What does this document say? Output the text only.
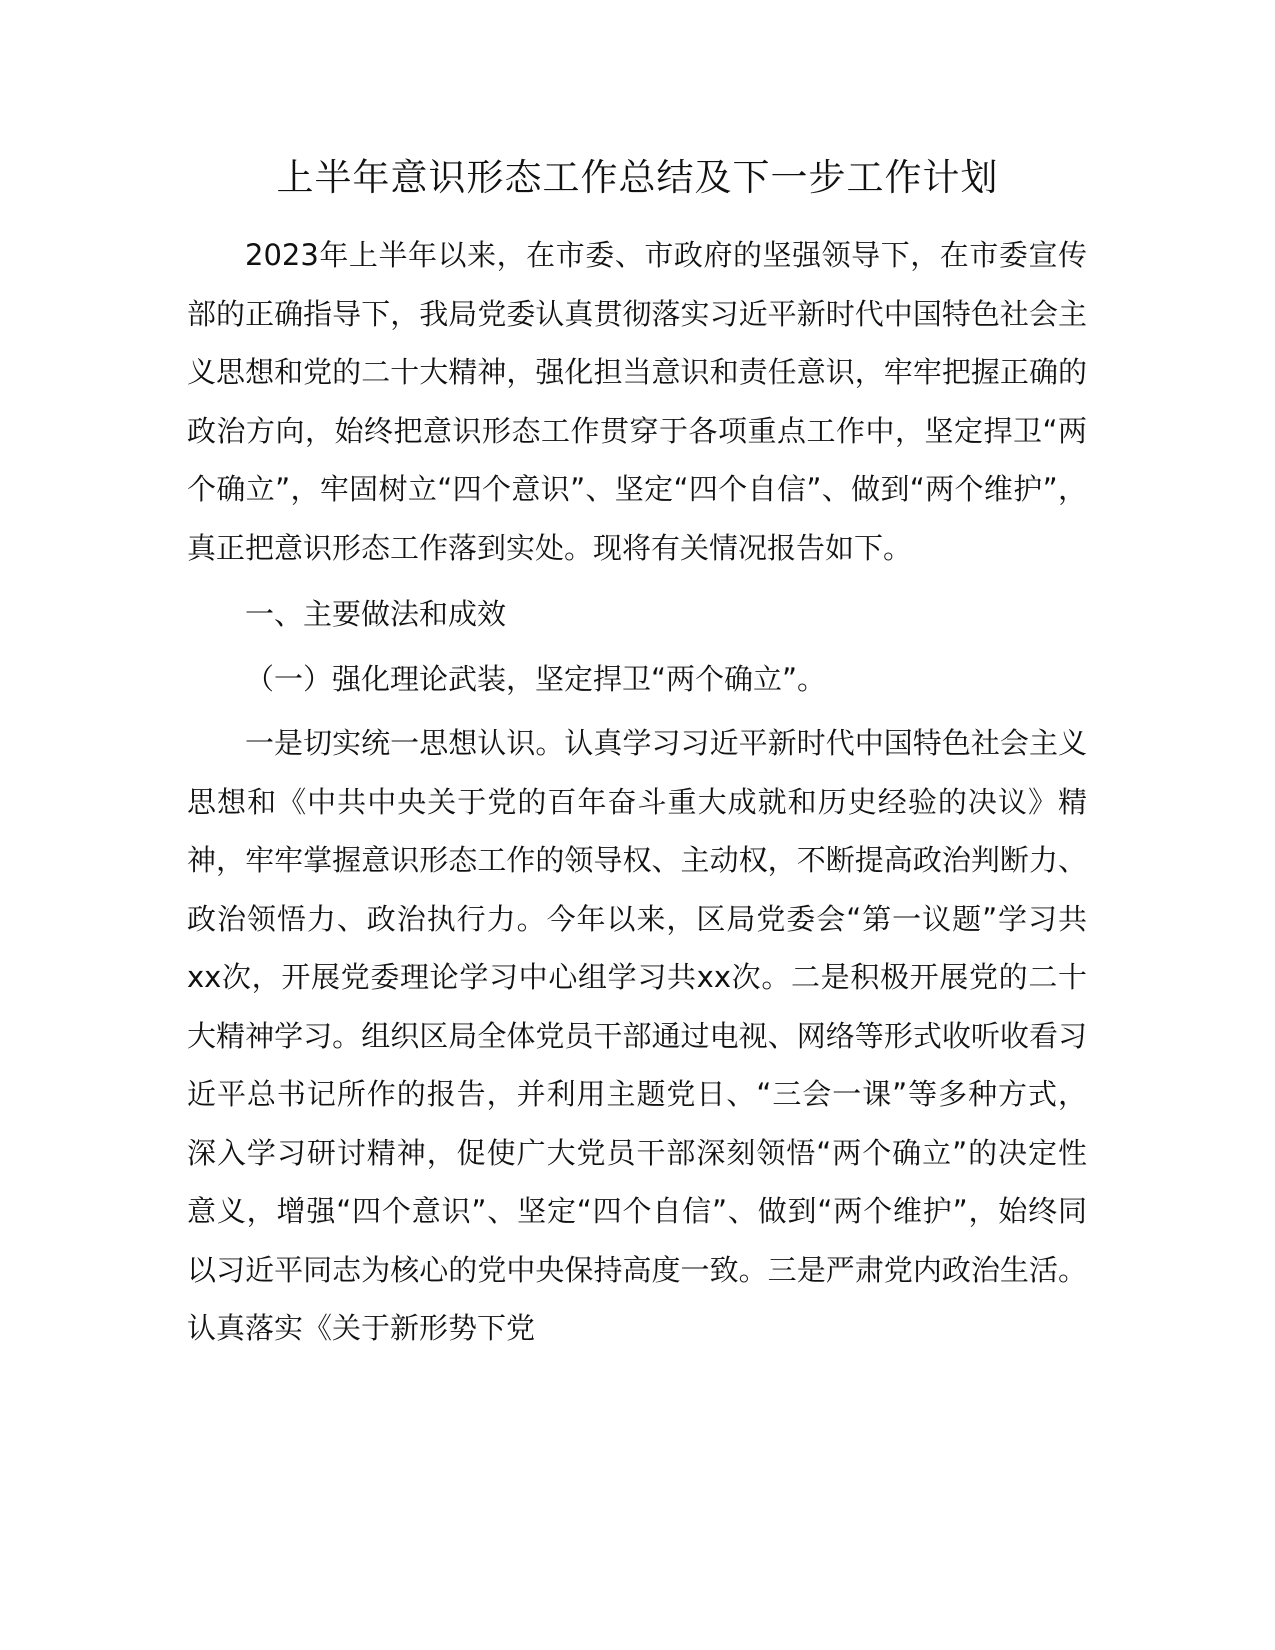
上半年意识形态工作总结及下一步工作计划

2023年上半年以来，在市委、市政府的坚强领导下，在市委宣传部的正确指导下，我局党委认真贯彻落实习近平新时代中国特色社会主义思想和党的二十大精神，强化担当意识和责任意识，牢牢把握正确的政治方向，始终把意识形态工作贯穿于各项重点工作中，坚定捍卫“两个确立”，牢固树立“四个意识”、坚定“四个自信”、做到“两个维护”，真正把意识形态工作落到实处。现将有关情况报告如下。

一、主要做法和成效

（一）强化理论武装，坚定捍卫“两个确立”。

一是切实统一思想认识。认真学习习近平新时代中国特色社会主义思想和《中共中央关于党的百年奋斗重大成就和历史经验的决议》精神，牢牢掌握意识形态工作的领导权、主动权，不断提高政治判断力、政治领悟力、政治执行力。今年以来，区局党委会“第一议题”学习共xx次，开展党委理论学习中心组学习共xx次。二是积极开展党的二十大精神学习。组织区局全体党员干部通过电视、网络等形式收听收看习近平总书记所作的报告，并利用主题党日、“三会一课”等多种方式，深入学习研讨精神，促使广大党员干部深刻领悟“两个确立”的决定性意义，增强“四个意识”、坚定“四个自信”、做到“两个维护”，始终同以习近平同志为核心的党中央保持高度一致。三是严肃党内政治生活。认真落实《关于新形势下党
